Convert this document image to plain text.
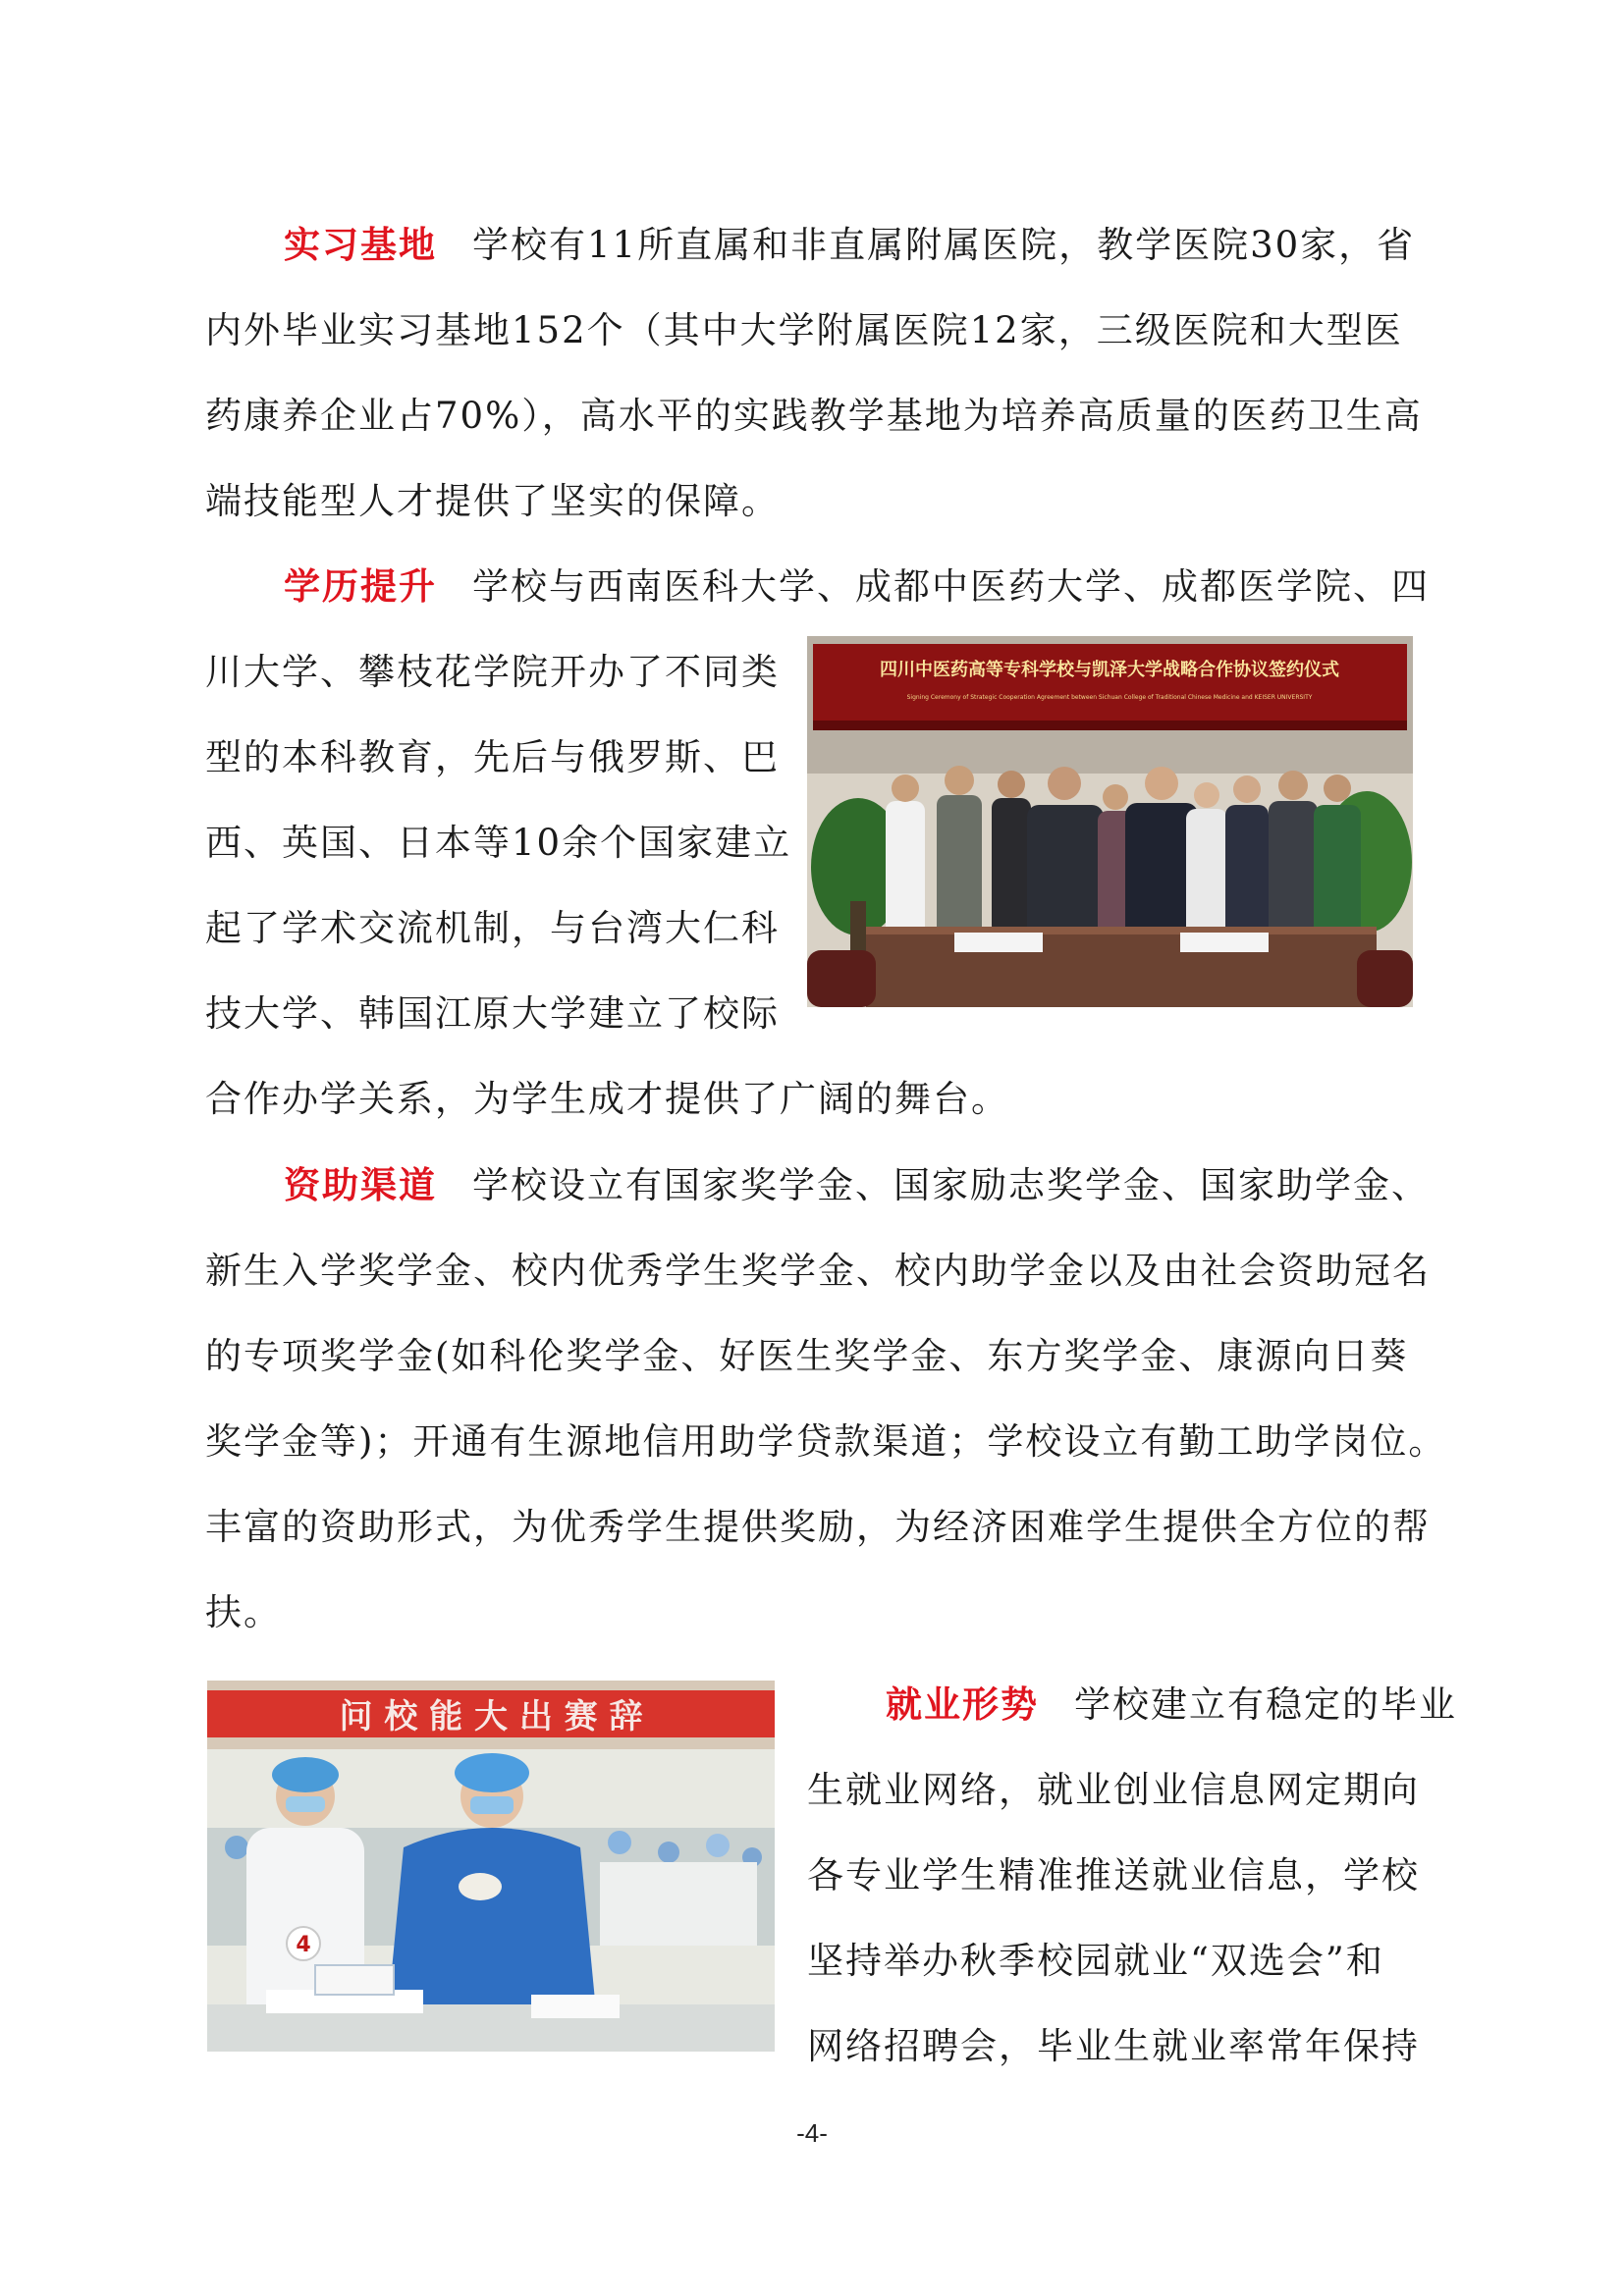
实习基地 学校有11所直属和非直属附属医院，教学医院30家，省
内外毕业实习基地152个（其中大学附属医院12家，三级医院和大型医
药康养企业占70%），高水平的实践教学基地为培养高质量的医药卫生高
端技能型人才提供了坚实的保障。
学历提升 学校与西南医科大学、成都中医药大学、成都医学院、四
川大学、攀枝花学院开办了不同类
型的本科教育，先后与俄罗斯、巴
西、英国、日本等10余个国家建立
起了学术交流机制，与台湾大仁科
技大学、韩国江原大学建立了校际
合作办学关系，为学生成才提供了广阔的舞台。
四川中医药高等专科学校与凯泽大学战略合作协议签约仪式
Signing Ceremony of Strategic Cooperation Agreement between Sichuan College of Traditional Chinese Medicine and KEISER UNIVERSITY
资助渠道 学校设立有国家奖学金、国家励志奖学金、国家助学金、
新生入学奖学金、校内优秀学生奖学金、校内助学金以及由社会资助冠名
的专项奖学金(如科伦奖学金、好医生奖学金、东方奖学金、康源向日葵
奖学金等)；开通有生源地信用助学贷款渠道；学校设立有勤工助学岗位。
丰富的资助形式，为优秀学生提供奖励，为经济困难学生提供全方位的帮
扶。
问 校 能 大 出 赛 辞
4
就业形势 学校建立有稳定的毕业
生就业网络，就业创业信息网定期向
各专业学生精准推送就业信息，学校
坚持举办秋季校园就业“双选会”和
网络招聘会，毕业生就业率常年保持
-4-
